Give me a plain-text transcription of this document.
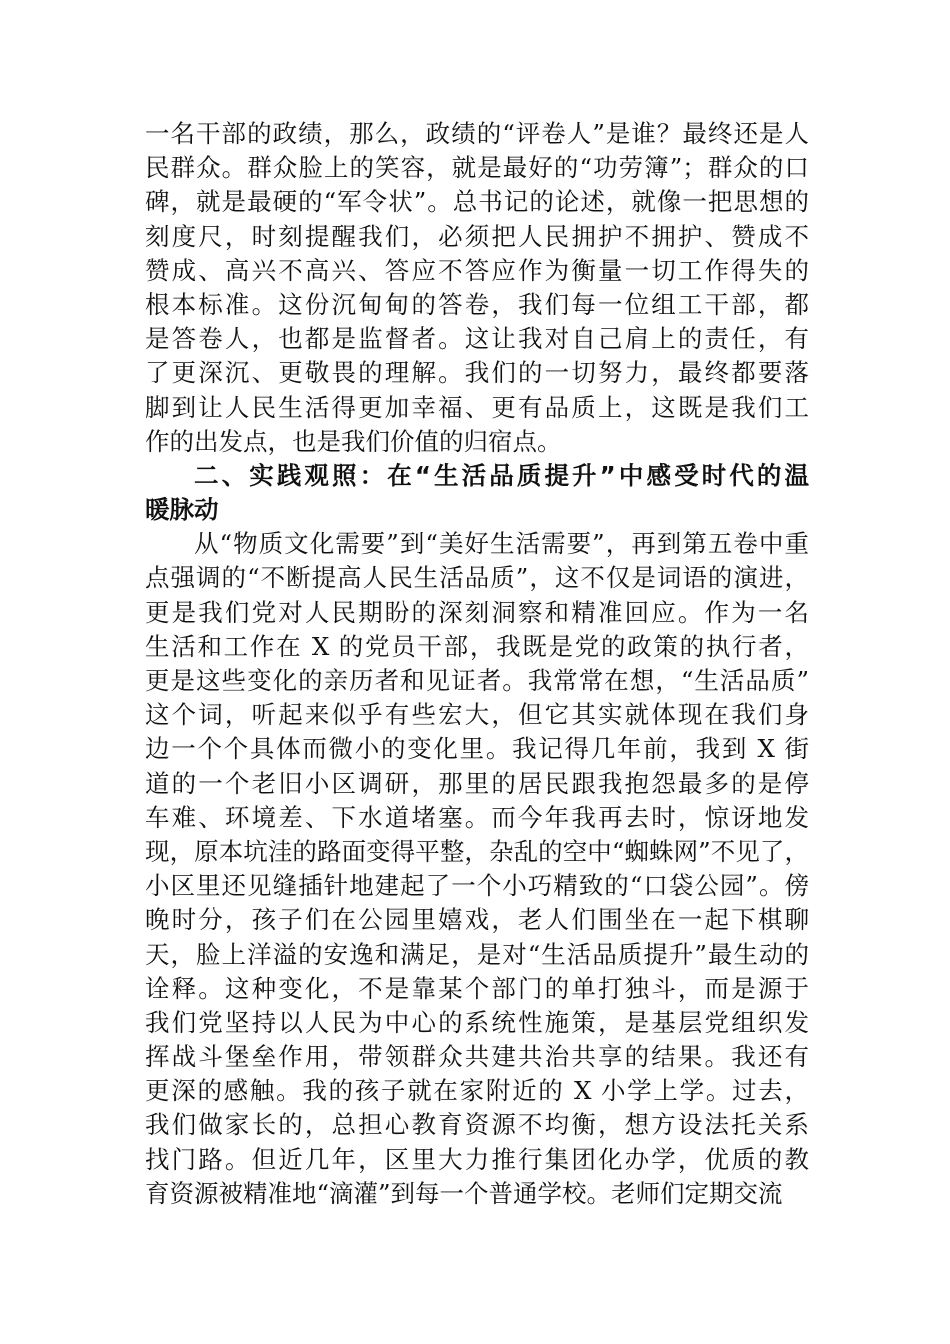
一名干部的政绩，那么，政绩的“评卷人”是谁？最终还是人
民群众。群众脸上的笑容，就是最好的“功劳簿”；群众的口
碑，就是最硬的“军令状”。总书记的论述，就像一把思想的
刻度尺，时刻提醒我们，必须把人民拥护不拥护、赞成不
赞成、高兴不高兴、答应不答应作为衡量一切工作得失的
根本标准。这份沉甸甸的答卷，我们每一位组工干部，都
是答卷人，也都是监督者。这让我对自己肩上的责任，有
了更深沉、更敬畏的理解。我们的一切努力，最终都要落
脚到让人民生活得更加幸福、更有品质上，这既是我们工
作的出发点，也是我们价值的归宿点。
二、实践观照：在“生活品质提升”中感受时代的温
暖脉动
从“物质文化需要”到“美好生活需要”，再到第五卷中重
点强调的“不断提高人民生活品质”，这不仅是词语的演进，
更是我们党对人民期盼的深刻洞察和精准回应。作为一名
生活和工作在 X 的党员干部，我既是党的政策的执行者，
更是这些变化的亲历者和见证者。我常常在想，“生活品质”
这个词，听起来似乎有些宏大，但它其实就体现在我们身
边一个个具体而微小的变化里。我记得几年前，我到 X 街
道的一个老旧小区调研，那里的居民跟我抱怨最多的是停
车难、环境差、下水道堵塞。而今年我再去时，惊讶地发
现，原本坑洼的路面变得平整，杂乱的空中“蜘蛛网”不见了，
小区里还见缝插针地建起了一个小巧精致的“口袋公园”。傍
晚时分，孩子们在公园里嬉戏，老人们围坐在一起下棋聊
天，脸上洋溢的安逸和满足，是对“生活品质提升”最生动的
诠释。这种变化，不是靠某个部门的单打独斗，而是源于
我们党坚持以人民为中心的系统性施策，是基层党组织发
挥战斗堡垒作用，带领群众共建共治共享的结果。我还有
更深的感触。我的孩子就在家附近的 X 小学上学。过去，
我们做家长的，总担心教育资源不均衡，想方设法托关系
找门路。但近几年，区里大力推行集团化办学，优质的教
育资源被精准地“滴灌”到每一个普通学校。老师们定期交流
